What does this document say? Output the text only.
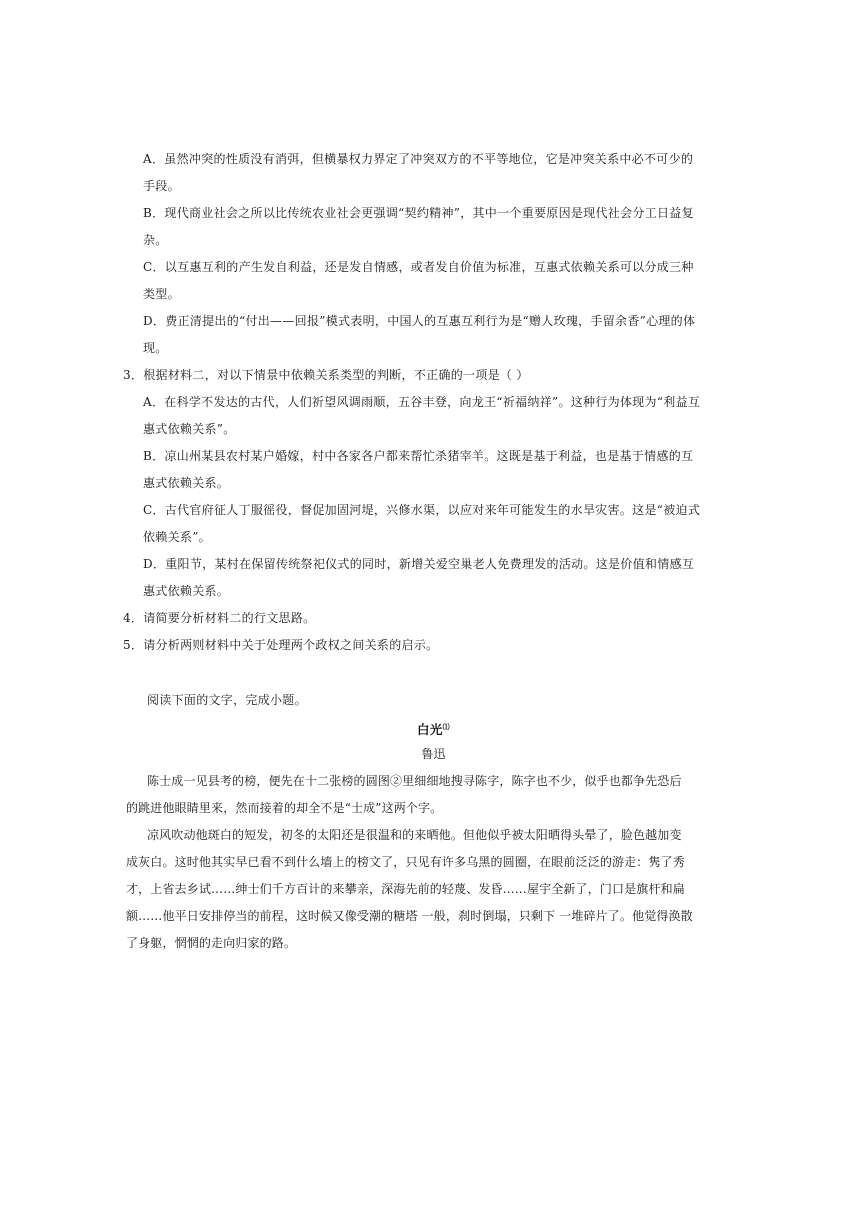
A．虽然冲突的性质没有消弭，但横暴权力界定了冲突双方的不平等地位，它是冲突关系中必不可少的
手段。
B．现代商业社会之所以比传统农业社会更强调“契约精神”，其中一个重要原因是现代社会分工日益复
杂。
C．以互惠互利的产生发自利益，还是发自情感，或者发自价值为标准，互惠式依赖关系可以分成三种
类型。
D．费正清提出的“付出——回报”模式表明，中国人的互惠互利行为是“赠人玫瑰，手留余香”心理的体
现。
3．根据材料二，对以下情景中依赖关系类型的判断，不正确的一项是（ ）
A．在科学不发达的古代，人们祈望风调雨顺，五谷丰登，向龙王“祈福纳祥”。这种行为体现为“利益互
惠式依赖关系”。
B．凉山州某县农村某户婚嫁，村中各家各户都来帮忙杀猪宰羊。这既是基于利益，也是基于情感的互
惠式依赖关系。
C．古代官府征人丁服徭役，督促加固河堤，兴修水渠，以应对来年可能发生的水旱灾害。这是“被迫式
依赖关系”。
D．重阳节，某村在保留传统祭祀仪式的同时，新增关爱空巢老人免费理发的活动。这是价值和情感互
惠式依赖关系。
4．请简要分析材料二的行文思路。
5．请分析两则材料中关于处理两个政权之间关系的启示。
阅读下面的文字，完成小题。
白光⑴
鲁迅
陈士成一见县考的榜，便先在十二张榜的圆图②里细细地搜寻陈字，陈字也不少，似乎也都争先恐后
的跳进他眼睛里来，然而接着的却全不是“士成”这两个字。
凉风吹动他斑白的短发，初冬的太阳还是很温和的来晒他。但他似乎被太阳晒得头晕了，脸色越加变
成灰白。这时他其实早已看不到什么墙上的榜文了，只见有许多乌黑的圆圈，在眼前泛泛的游走：隽了秀
才，上省去乡试……绅士们千方百计的来攀亲，深海先前的轻蔑、发昏……屋宇全新了，门口是旗杆和扁
额……他平日安排停当的前程，这时候又像受潮的糖塔 一般，刹时倒塌，只剩下 一堆碎片了。他觉得涣散
了身躯，惘惘的走向归家的路。
